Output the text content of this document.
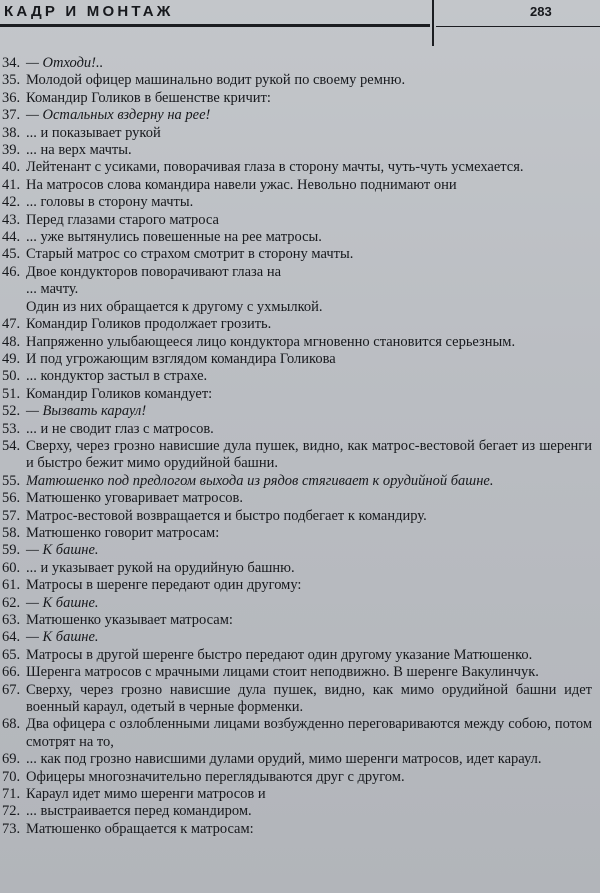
КАДР И МОНТАЖ	283
34. — Отходи!..
35. Молодой офицер машинально водит рукой по своему ремню.
36. Командир Голиков в бешенстве кричит:
37. — Остальных вздерну на рее!
38. ... и показывает рукой
39. ... на верх мачты.
40. Лейтенант с усиками, поворачивая глаза в сторону мачты, чуть-чуть усмехается.
41. На матросов слова командира навели ужас. Невольно поднимают они
42. ... головы в сторону мачты.
43. Перед глазами старого матроса
44. ... уже вытянулись повешенные на рее матросы.
45. Старый матрос со страхом смотрит в сторону мачты.
46. Двое кондукторов поворачивают глаза на
... мачту.
Один из них обращается к другому с ухмылкой.
47. Командир Голиков продолжает грозить.
48. Напряженно улыбающееся лицо кондуктора мгновенно становится серьезным.
49. И под угрожающим взглядом командира Голикова
50. ... кондуктор застыл в страхе.
51. Командир Голиков командует:
52. — Вызвать караул!
53. ... и не сводит глаз с матросов.
54. Сверху, через грозно нависшие дула пушек, видно, как матрос-вестовой бегает из шеренги и быстро бежит мимо орудийной башни.
55. Матюшенко под предлогом выхода из рядов стягивает к орудийной башне.
56. Матюшенко уговаривает матросов.
57. Матрос-вестовой возвращается и быстро подбегает к командиру.
58. Матюшенко говорит матросам:
59. — К башне.
60. ... и указывает рукой на орудийную башню.
61. Матросы в шеренге передают один другому:
62. — К башне.
63. Матюшенко указывает матросам:
64. — К башне.
65. Матросы в другой шеренге быстро передают один другому указание Матюшенко.
66. Шеренга матросов с мрачными лицами стоит неподвижно. В шеренге Вакулинчук.
67. Сверху, через грозно нависшие дула пушек, видно, как мимо орудийной башни идет военный караул, одетый в черные форменки.
68. Два офицера с озлобленными лицами возбужденно переговариваются между собою, потом смотрят на то,
69. ... как под грозно нависшими дулами орудий, мимо шеренги матросов, идет караул.
70. Офицеры многозначительно переглядываются друг с другом.
71. Караул идет мимо шеренги матросов и
72. ... выстраивается перед командиром.
73. Матюшенко обращается к матросам:
